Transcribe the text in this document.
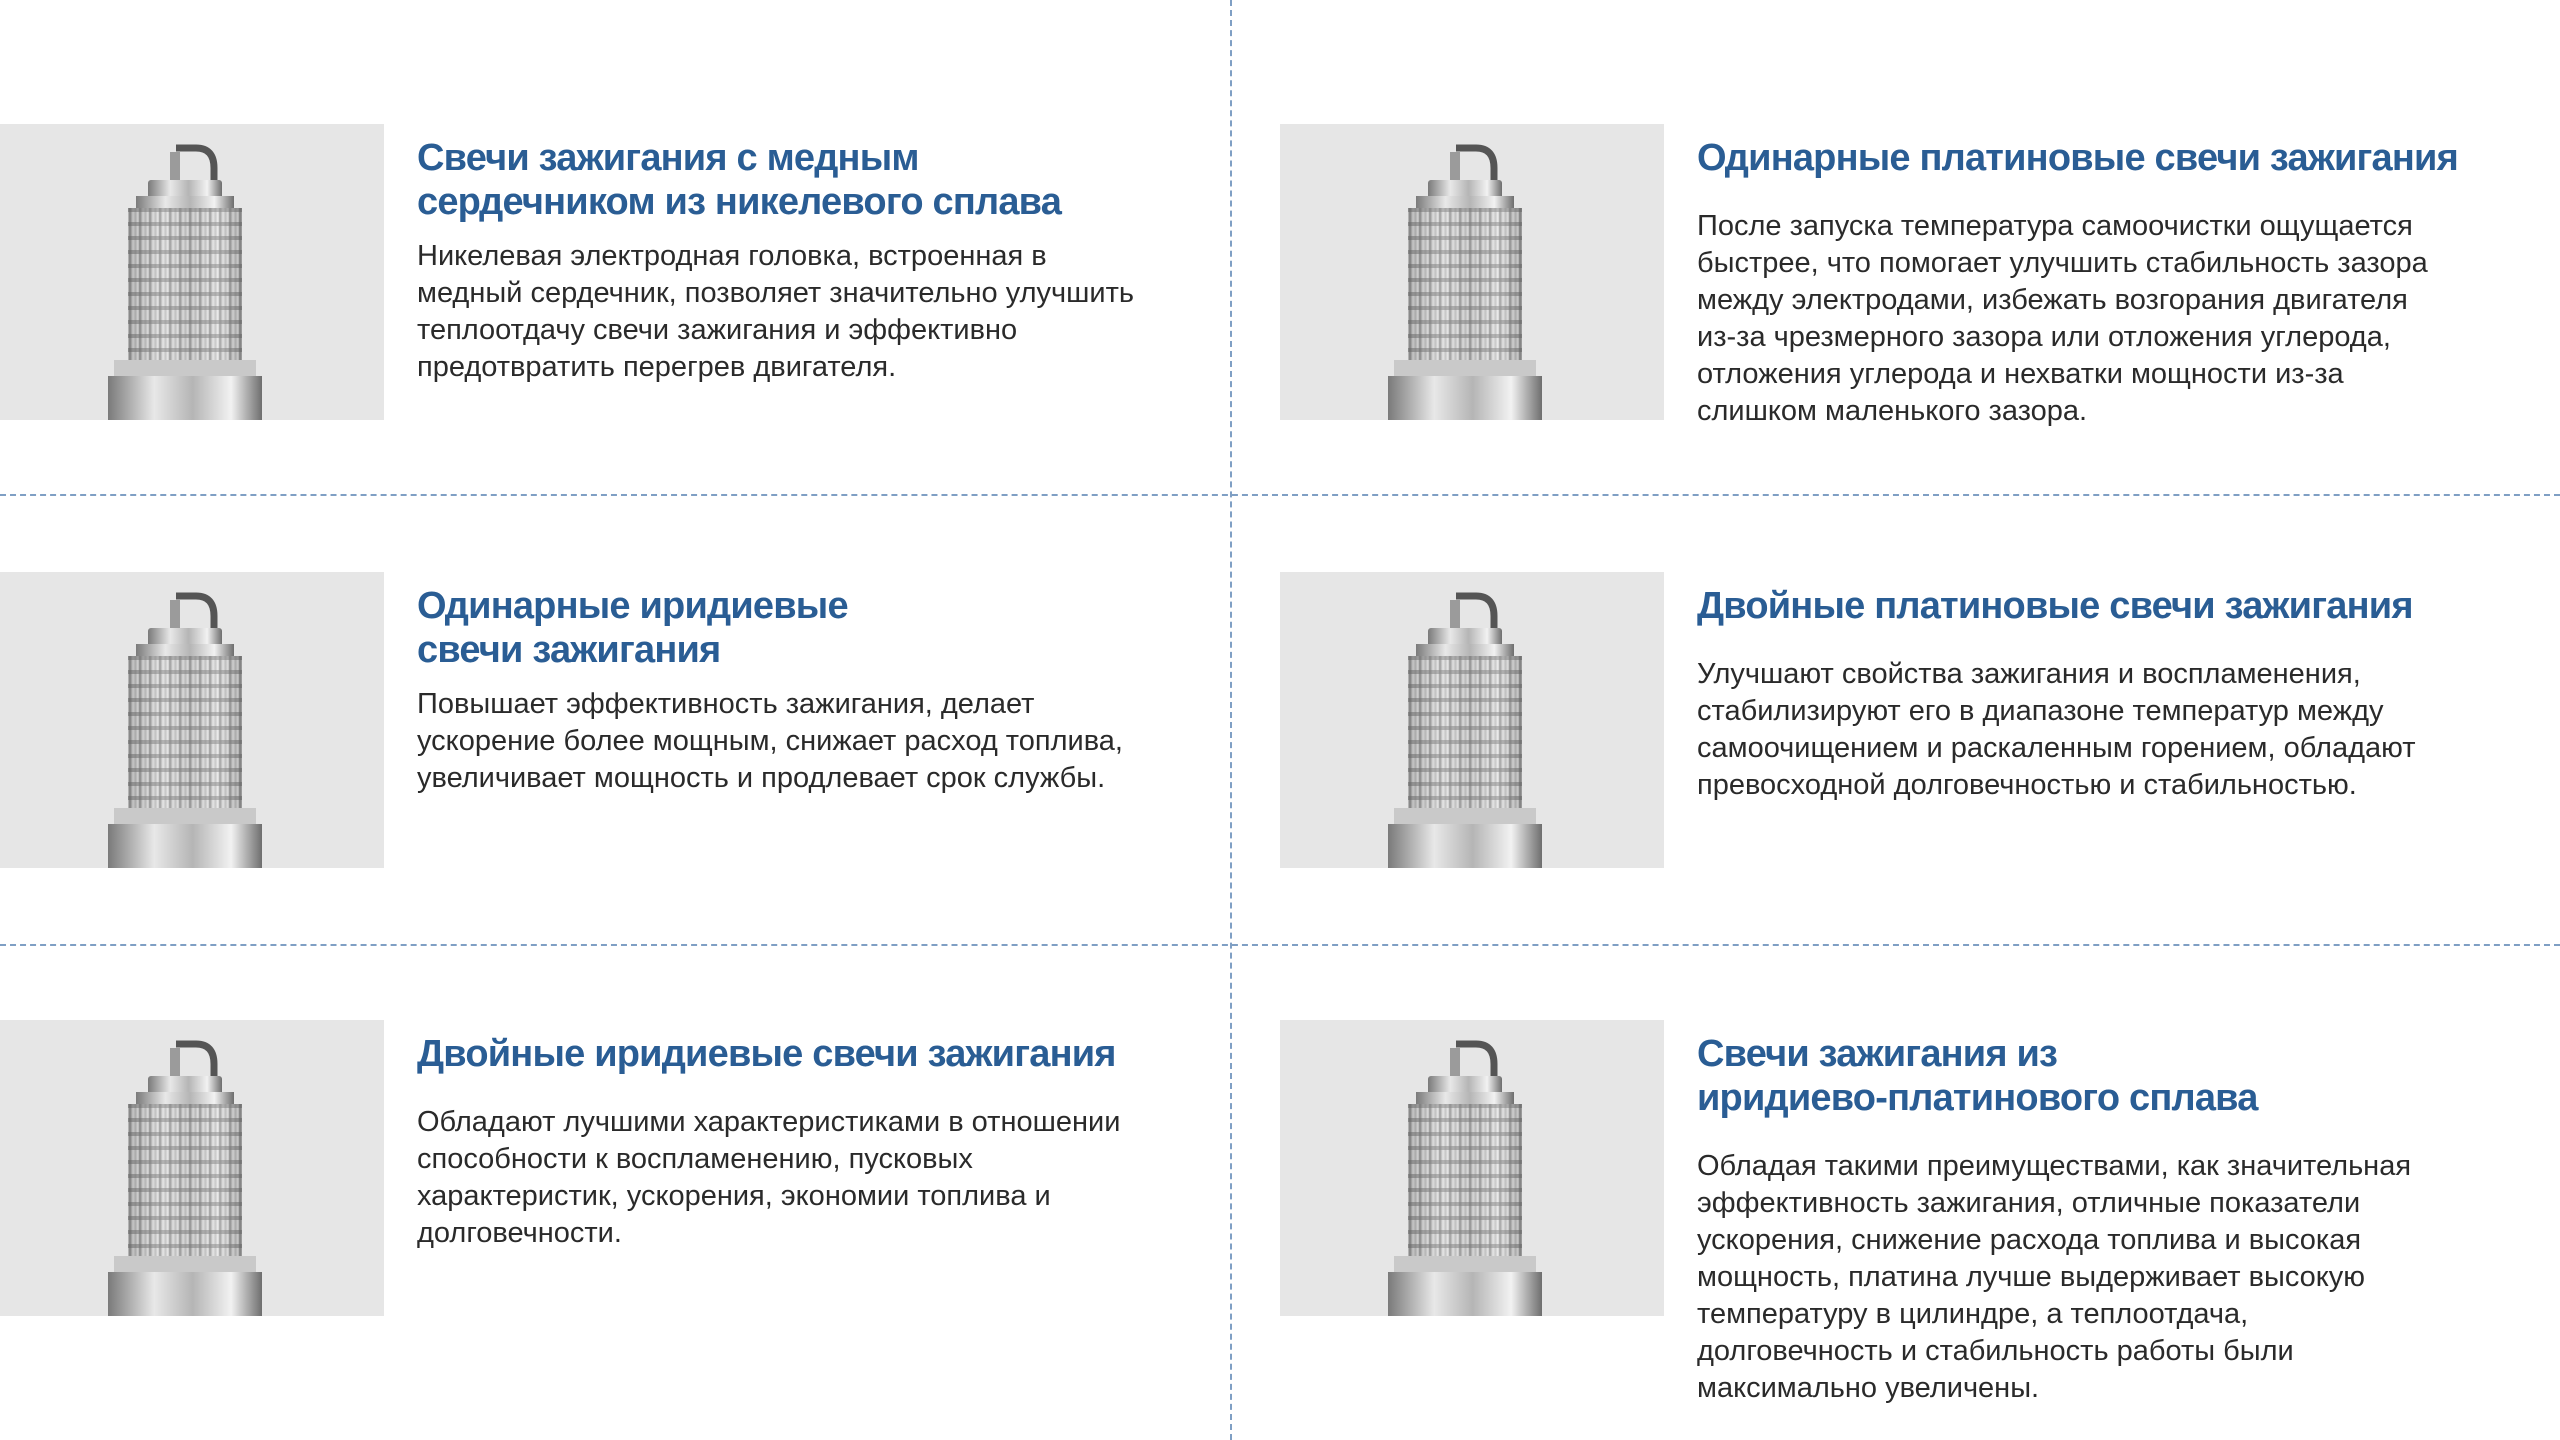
Свечи зажигания с медным
сердечником из никелевого сплава

Никелевая электродная головка, встроенная в
медный сердечник, позволяет значительно улучшить
теплоотдачу свечи зажигания и эффективно
предотвратить перегрев двигателя.

Одинарные платиновые свечи зажигания

После запуска температура самоочистки ощущается
быстрее, что помогает улучшить стабильность зазора
между электродами, избежать возгорания двигателя
из-за чрезмерного зазора или отложения углерода,
отложения углерода и нехватки мощности из-за
слишком маленького зазора.

Одинарные иридиевые
свечи зажигания

Повышает эффективность зажигания, делает
ускорение более мощным, снижает расход топлива,
увеличивает мощность и продлевает срок службы.

Двойные платиновые свечи зажигания

Улучшают свойства зажигания и воспламенения,
стабилизируют его в диапазоне температур между
самоочищением и раскаленным горением, обладают
превосходной долговечностью и стабильностью.

Двойные иридиевые свечи зажигания

Обладают лучшими характеристиками в отношении
способности к воспламенению, пусковых
характеристик, ускорения, экономии топлива и
долговечности.

Свечи зажигания из
иридиево-платинового сплава

Обладая такими преимуществами, как значительная
эффективность зажигания, отличные показатели
ускорения, снижение расхода топлива и высокая
мощность, платина лучше выдерживает высокую
температуру в цилиндре, а теплоотдача,
долговечность и стабильность работы были
максимально увеличены.
